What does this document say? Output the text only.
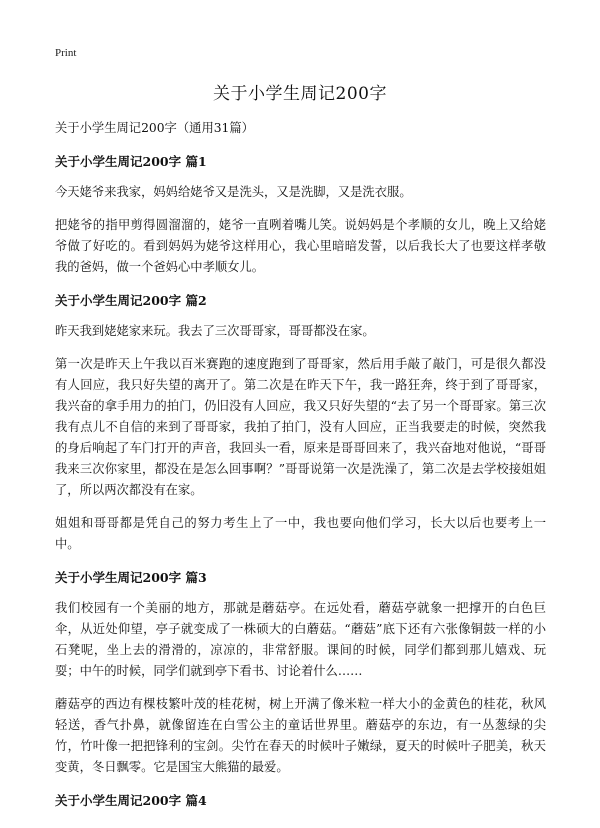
Print
关于小学生周记200字

关于小学生周记200字（通用31篇）

关于小学生周记200字 篇1

今天姥爷来我家，妈妈给姥爷又是洗头，又是洗脚，又是洗衣服。

把姥爷的指甲剪得圆溜溜的，姥爷一直咧着嘴儿笑。说妈妈是个孝顺的女儿，晚上又给姥爷做了好吃的。看到妈妈为姥爷这样用心，我心里暗暗发誓，以后我长大了也要这样孝敬我的爸妈，做一个爸妈心中孝顺女儿。

关于小学生周记200字 篇2

昨天我到姥姥家来玩。我去了三次哥哥家，哥哥都没在家。

第一次是昨天上午我以百米赛跑的速度跑到了哥哥家，然后用手敲了敲门，可是很久都没有人回应，我只好失望的离开了。第二次是在昨天下午，我一路狂奔，终于到了哥哥家，我兴奋的拿手用力的拍门，仍旧没有人回应，我又只好失望的“去了另一个哥哥家。第三次我有点儿不自信的来到了哥哥家，我拍了拍门，没有人回应，正当我要走的时候，突然我的身后响起了车门打开的声音，我回头一看，原来是哥哥回来了，我兴奋地对他说，“哥哥我来三次你家里，都没在是怎么回事啊？”哥哥说第一次是洗澡了，第二次是去学校接姐姐了，所以两次都没有在家。

姐姐和哥哥都是凭自己的努力考生上了一中，我也要向他们学习，长大以后也要考上一中。

关于小学生周记200字 篇3

我们校园有一个美丽的地方，那就是蘑菇亭。在远处看，蘑菇亭就象一把撑开的白色巨伞，从近处仰望，亭子就变成了一株硕大的白蘑菇。“蘑菇”底下还有六张像铜鼓一样的小石凳呢，坐上去的滑滑的，凉凉的，非常舒服。课间的时候，同学们都到那儿嬉戏、玩耍；中午的时候，同学们就到亭下看书、讨论着什么……

蘑菇亭的西边有棵枝繁叶茂的桂花树，树上开满了像米粒一样大小的金黄色的桂花，秋风轻送，香气扑鼻，就像留连在白雪公主的童话世界里。蘑菇亭的东边，有一丛葱绿的尖竹，竹叶像一把把锋利的宝剑。尖竹在春天的时候叶子嫩绿，夏天的时候叶子肥美，秋天变黄，冬日飘零。它是国宝大熊猫的最爱。

关于小学生周记200字 篇4
